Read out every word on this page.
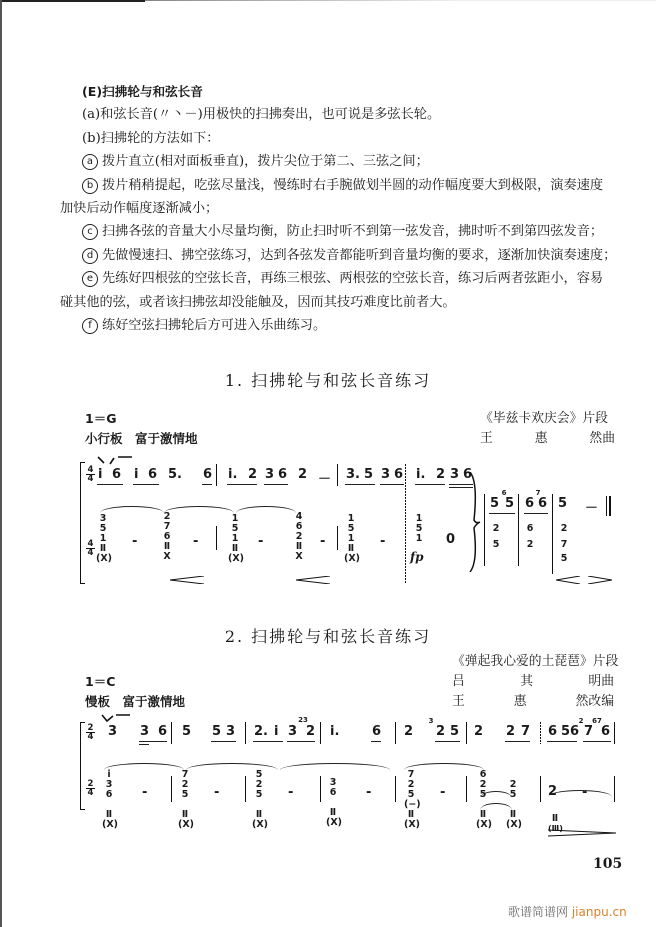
(E)扫拂轮与和弦长音

(a)和弦长音(〃丶－)用极快的扫拂奏出，也可说是多弦长轮。

(b)扫拂轮的方法如下：

a 拨片直立(相对面板垂直)，拨片尖位于第二、三弦之间；

b 拨片稍稍提起，吃弦尽量浅，慢练时右手腕做划半圆的动作幅度要大到极限，演奏速度

加快后动作幅度逐渐减小；

c 扫拂各弦的音量大小尽量均衡，防止扫时听不到第一弦发音，拂时听不到第四弦发音；

d 先做慢速扫、拂空弦练习，达到各弦发音都能听到音量均衡的要求，逐渐加快演奏速度；

e 先练好四根弦的空弦长音，再练三根弦、两根弦的空弦长音，练习后两者弦距小，容易

碰其他的弦，或者该扫拂弦却没能触及，因而其技巧难度比前者大。

f 练好空弦扫拂轮后方可进入乐曲练习。

1. 扫拂轮与和弦长音练习
1＝G
小行板　富于激情地
《毕兹卡欢庆会》片段
王	惠	然曲
4
4 i 6 i 6 5. 6 i. 2 3 6 2 － 3. 5 3 6 i. 2 3 6
4
4
3
5
1
Ⅱ
(X)
-
2
7
6
Ⅱ
X
-
1
5
1
Ⅱ
(X)
-
4
6
2
Ⅱ
X
-
1
5
1
Ⅱ
(X)
-
1
5
1 0
fp
5
6
5
2
5
6
7
6
6
2
5
2
7
5
－
2. 扫拂轮与和弦长音练习
1＝C
慢板　富于激情地
《弹起我心爱的土琵琶》片段
吕	其	明曲
王	惠	然改编
2
4 3 3 6 5 5 3 2. i 3
23
2 i.	6 2
3
2 5 2 2 7 6 56
2
7
67
6
2
4
i
3
6
Ⅱ
(X)
-
7
2
5
Ⅱ
(X)
-
5
2
5
Ⅱ
(X)
-
3
6
Ⅱ
(X)
-
7
2
5
(−)
Ⅱ
(X)
-
6
2
5
Ⅱ
(X)
2
5
Ⅱ
(X)
2 -
Ⅱ
(Ⅲ)
105
歌谱简谱网 jianpu.cn
